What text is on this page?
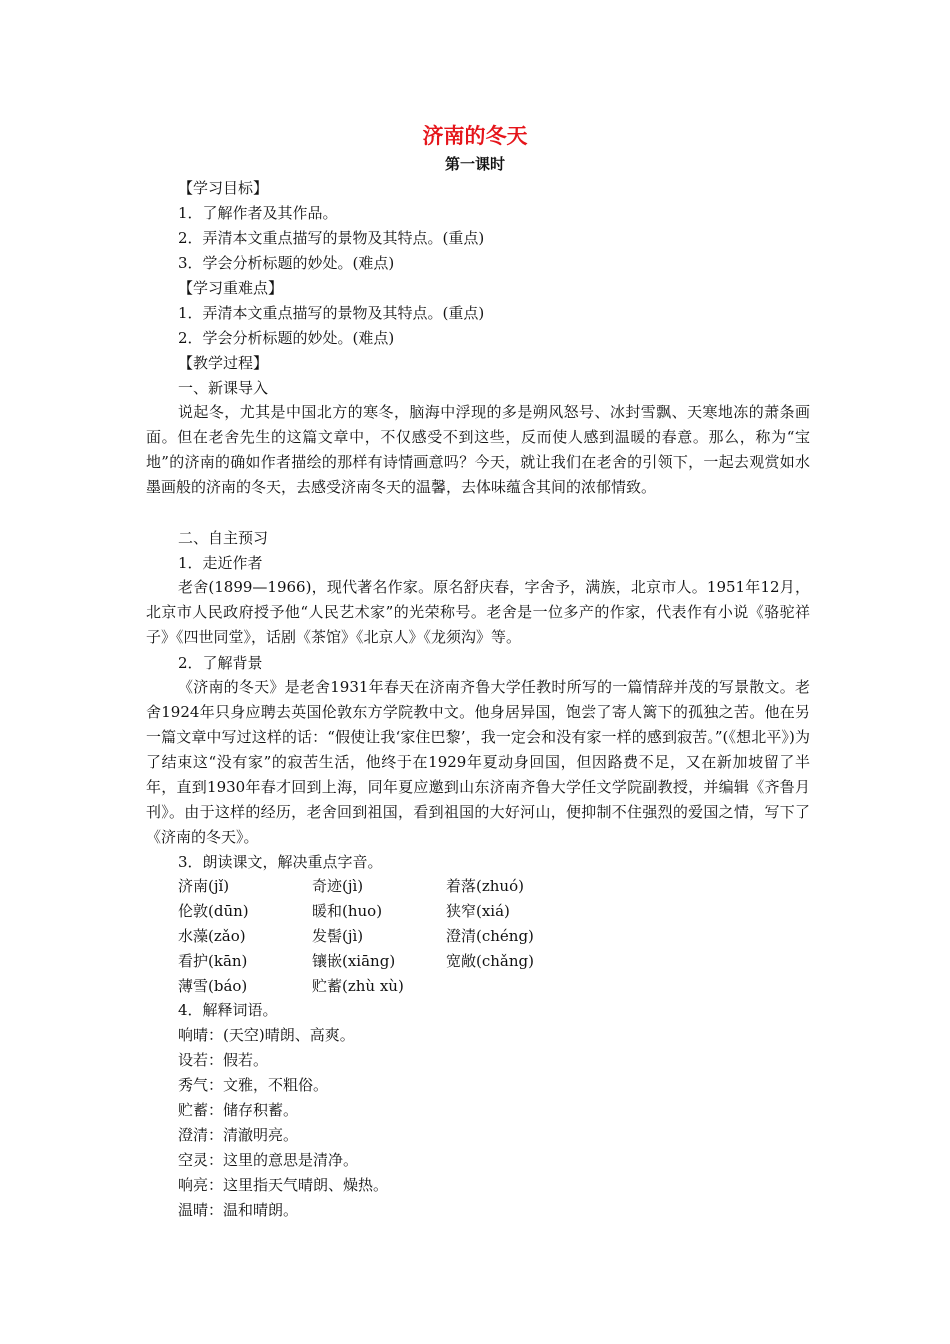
济南的冬天
第一课时
【学习目标】
1．了解作者及其作品。
2．弄清本文重点描写的景物及其特点。(重点)
3．学会分析标题的妙处。(难点)
【学习重难点】
1．弄清本文重点描写的景物及其特点。(重点)
2．学会分析标题的妙处。(难点)
【教学过程】
一、新课导入
说起冬，尤其是中国北方的寒冬，脑海中浮现的多是朔风怒号、冰封雪飘、天寒地冻的萧条画面。但在老舍先生的这篇文章中，不仅感受不到这些，反而使人感到温暖的春意。那么，称为“宝地”的济南的确如作者描绘的那样有诗情画意吗？今天，就让我们在老舍的引领下，一起去观赏如水墨画般的济南的冬天，去感受济南冬天的温馨，去体味蕴含其间的浓郁情致。
二、自主预习
1．走近作者
老舍(1899—1966)，现代著名作家。原名舒庆春，字舍予，满族，北京市人。1951年12月，北京市人民政府授予他“人民艺术家”的光荣称号。老舍是一位多产的作家，代表作有小说《骆驼祥子》《四世同堂》，话剧《茶馆》《北京人》《龙须沟》等。
2．了解背景
《济南的冬天》是老舍1931年春天在济南齐鲁大学任教时所写的一篇情辞并茂的写景散文。老舍1924年只身应聘去英国伦敦东方学院教中文。他身居异国，饱尝了寄人篱下的孤独之苦。他在另一篇文章中写过这样的话：“假使让我‘家住巴黎’，我一定会和没有家一样的感到寂苦。”(《想北平》)为了结束这“没有家”的寂苦生活，他终于在1929年夏动身回国，但因路费不足，又在新加坡留了半年，直到1930年春才回到上海，同年夏应邀到山东济南齐鲁大学任文学院副教授，并编辑《齐鲁月刊》。由于这样的经历，老舍回到祖国，看到祖国的大好河山，便抑制不住强烈的爱国之情，写下了《济南的冬天》。
3．朗读课文，解决重点字音。
济南(jǐ)	奇迹(jì)	着落(zhuó)
伦敦(dūn)	暖和(huo)	狭窄(xiá)
水藻(zǎo)	发髻(jì)	澄清(chéng)
看护(kān)	镶嵌(xiāng)	宽敞(chǎng)
薄雪(báo)	贮蓄(zhù xù)
4．解释词语。
响晴：(天空)晴朗、高爽。
设若：假若。
秀气：文雅，不粗俗。
贮蓄：储存积蓄。
澄清：清澈明亮。
空灵：这里的意思是清净。
响亮：这里指天气晴朗、燥热。
温晴：温和晴朗。
